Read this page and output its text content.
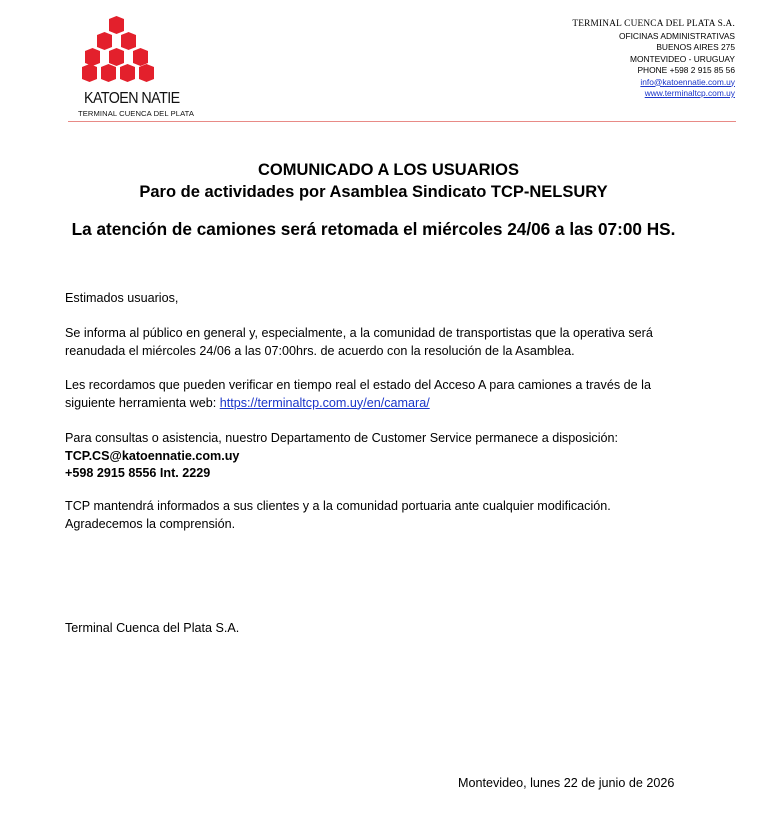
KATOEN NATIE
TERMINAL CUENCA DEL PLATA
TERMINAL CUENCA DEL PLATA S.A.
OFICINAS ADMINISTRATIVAS
BUENOS AIRES 275
MONTEVIDEO - URUGUAY
PHONE +598 2 915 85 56
info@katoennatie.com.uy
www.terminaltcp.com.uy
COMUNICADO A LOS USUARIOS
Paro de actividades por Asamblea Sindicato TCP-NELSURY
La atención de camiones será retomada el miércoles 24/06 a las 07:00 HS.
Estimados usuarios,
Se informa al público en general y, especialmente, a la comunidad de transportistas que la operativa será
reanudada el miércoles 24/06 a las 07:00hrs. de acuerdo con la resolución de la Asamblea.
Les recordamos que pueden verificar en tiempo real el estado del Acceso A para camiones a través de la
siguiente herramienta web: https://terminaltcp.com.uy/en/camara/
Para consultas o asistencia, nuestro Departamento de Customer Service permanece a disposición:
TCP.CS@katoennatie.com.uy
+598 2915 8556 Int. 2229
TCP mantendrá informados a sus clientes y a la comunidad portuaria ante cualquier modificación.
Agradecemos la comprensión.
Terminal Cuenca del Plata S.A.
Montevideo, lunes 22 de junio de 2026
